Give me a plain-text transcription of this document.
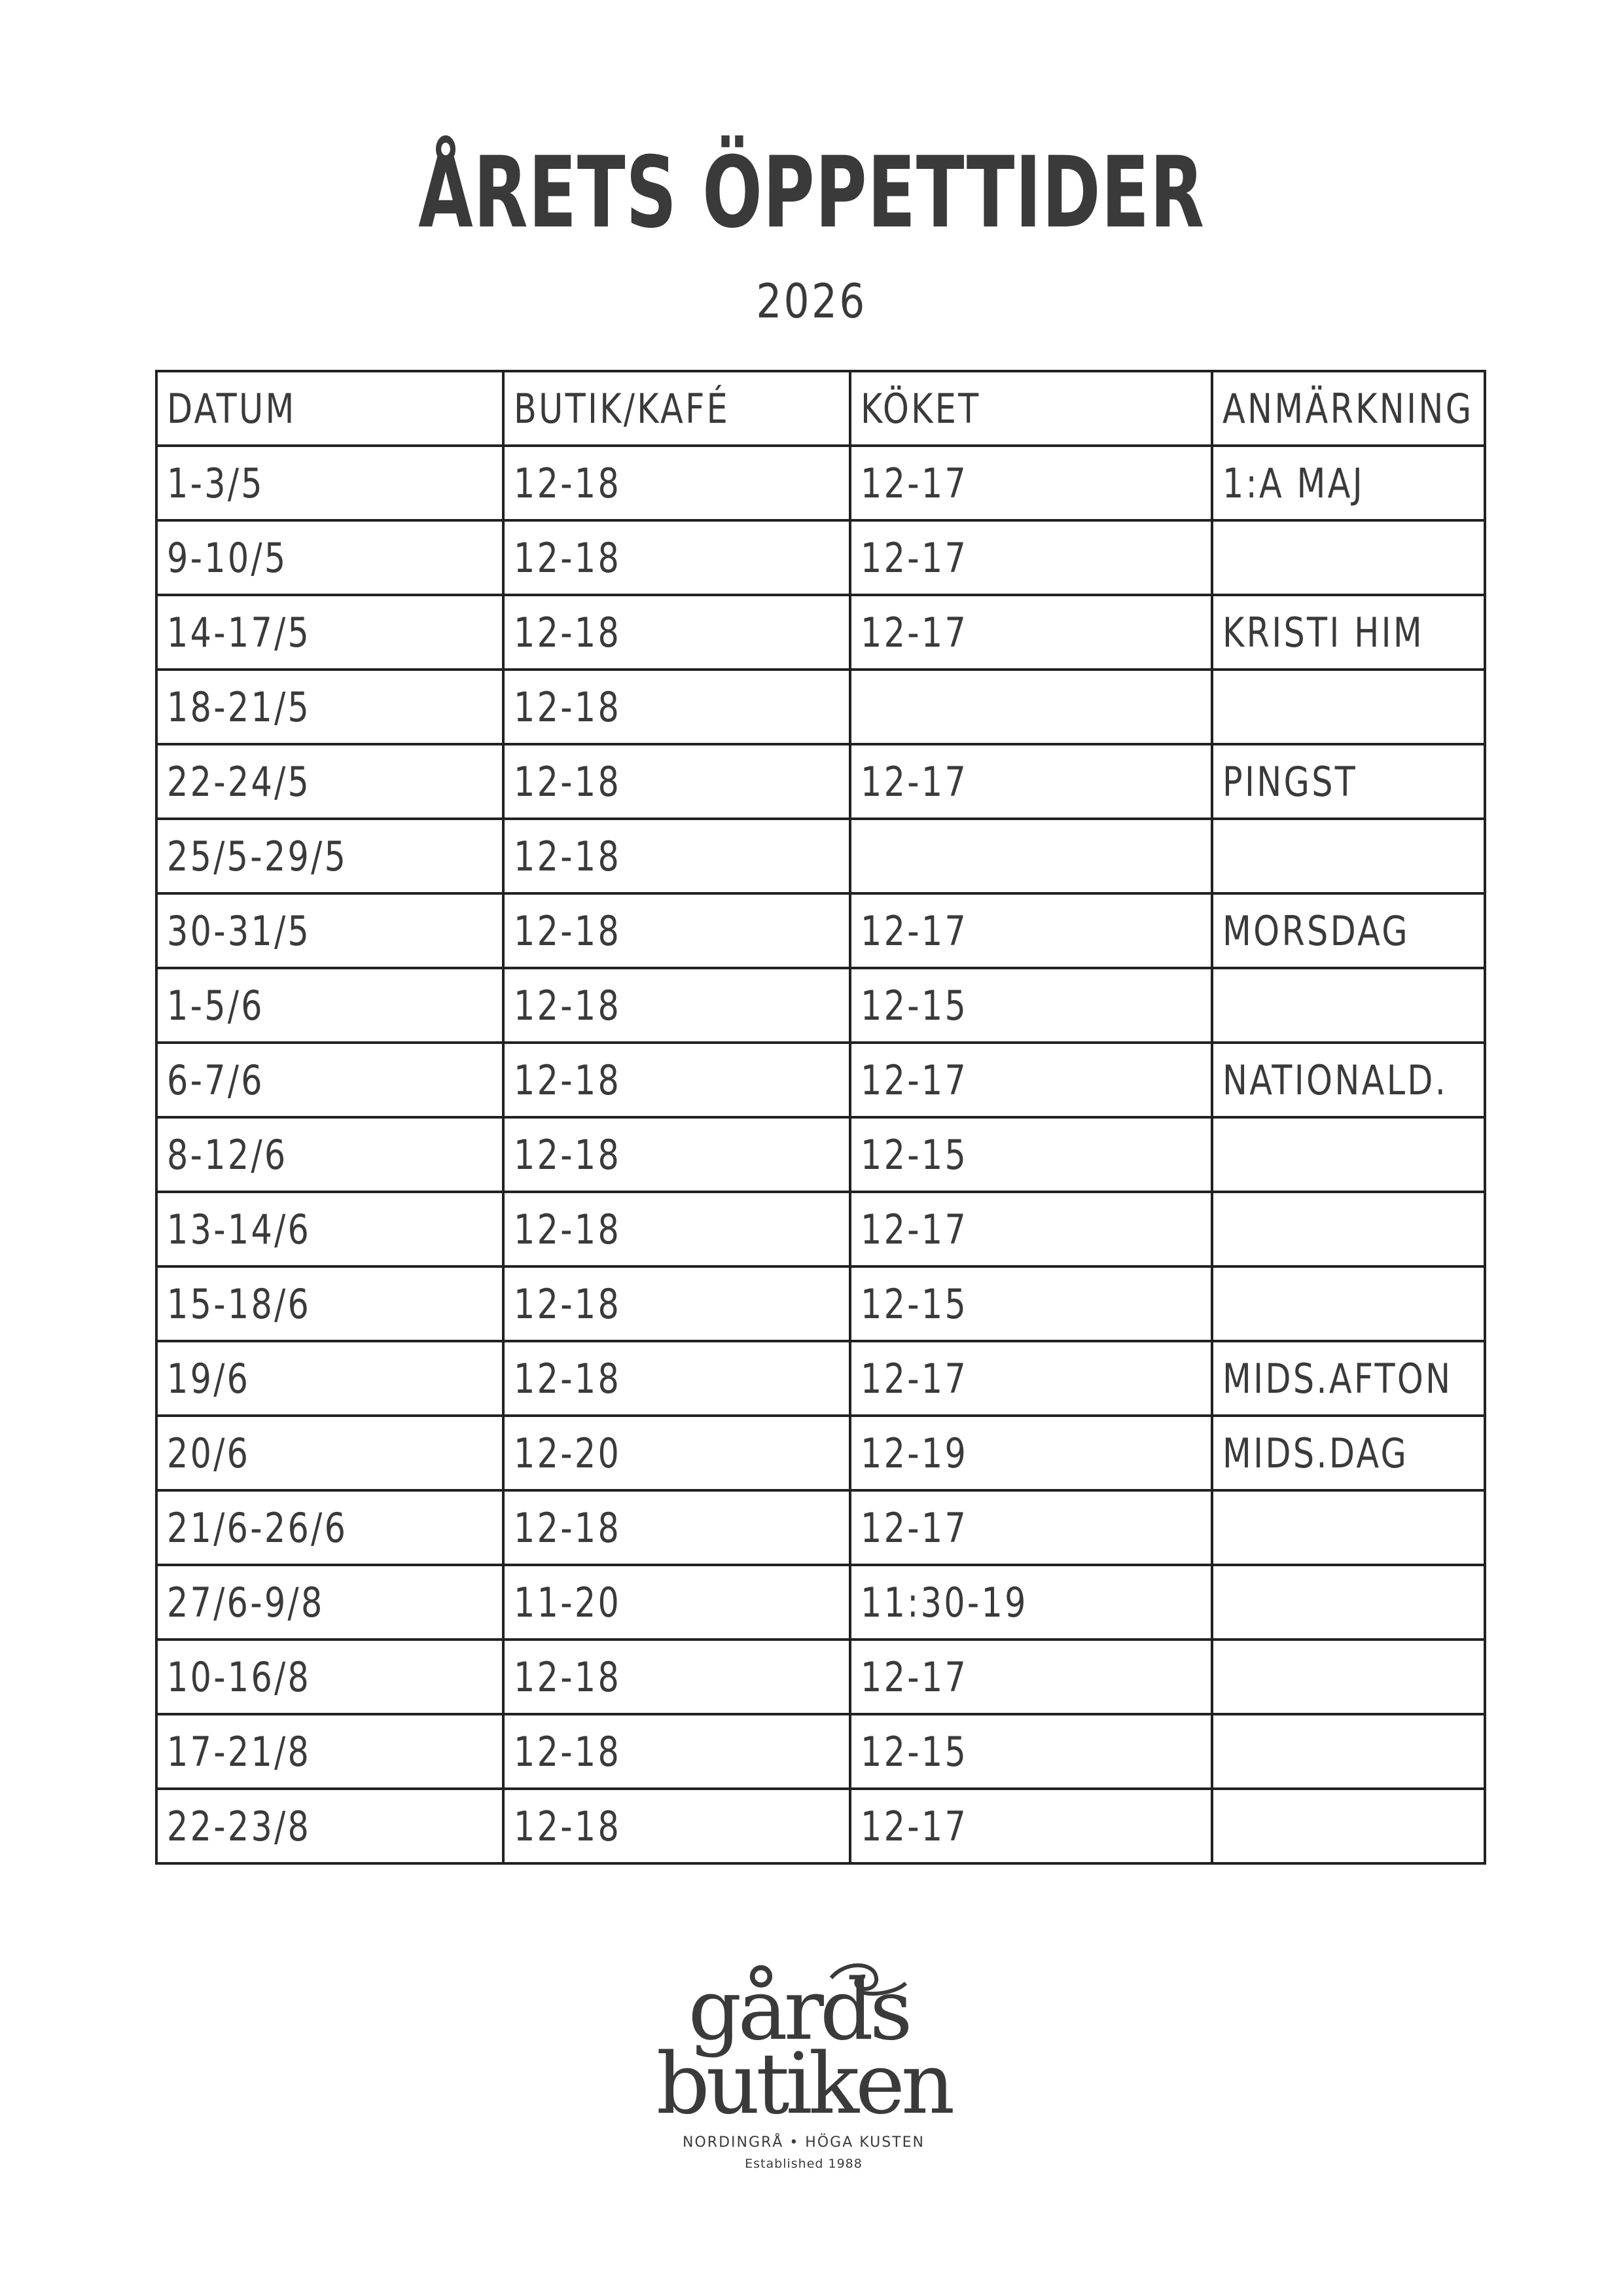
ÅRETS ÖPPETTIDER
2026
DATUM	BUTIK/KAFÉ	KÖKET	ANMÄRKNING
1-3/5	12-18	12-17	1:A MAJ
9-10/5	12-18	12-17	
14-17/5	12-18	12-17	KRISTI HIM
18-21/5	12-18		
22-24/5	12-18	12-17	PINGST
25/5-29/5	12-18		
30-31/5	12-18	12-17	MORSDAG
1-5/6	12-18	12-15	
6-7/6	12-18	12-17	NATIONALD.
8-12/6	12-18	12-15	
13-14/6	12-18	12-17	
15-18/6	12-18	12-15	
19/6	12-18	12-17	MIDS.AFTON
20/6	12-20	12-19	MIDS.DAG
21/6-26/6	12-18	12-17	
27/6-9/8	11-20	11:30-19	
10-16/8	12-18	12-17	
17-21/8	12-18	12-15	
22-23/8	12-18	12-17	
gårds
butiken
NORDINGRÅ • HÖGA KUSTEN
Established 1988
